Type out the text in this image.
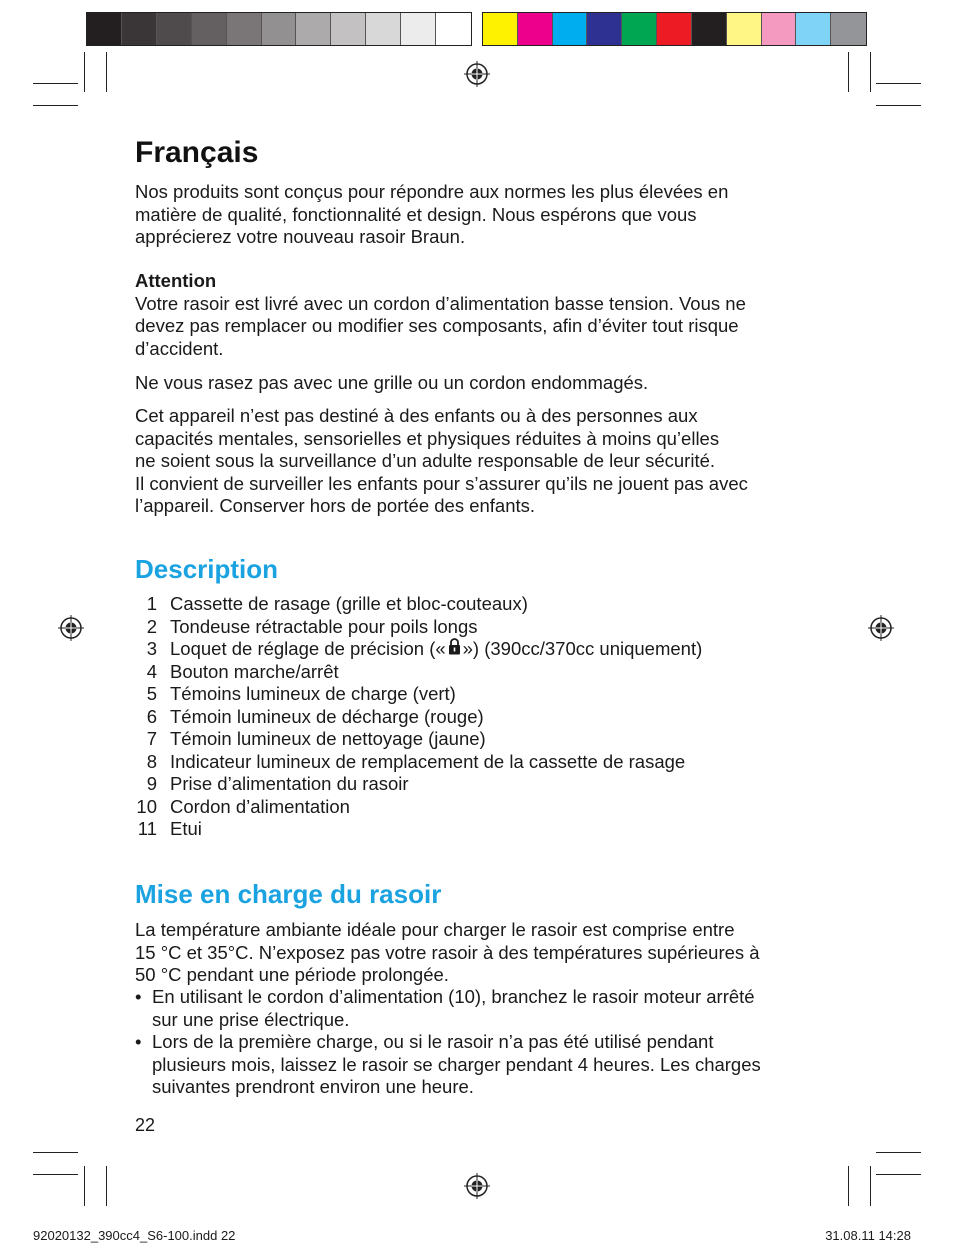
Français

Nos produits sont conçus pour répondre aux normes les plus élevées en
matière de qualité, fonctionnalité et design. Nous espérons que vous
apprécierez votre nouveau rasoir Braun.

Attention
Votre rasoir est livré avec un cordon d’alimentation basse tension. Vous ne
devez pas remplacer ou modifier ses composants, afin d’éviter tout risque
d’accident.

Ne vous rasez pas avec une grille ou un cordon endommagés.

Cet appareil n’est pas destiné à des enfants ou à des personnes aux
capacités mentales, sensorielles et physiques réduites à moins qu’elles
ne soient sous la surveillance d’un adulte responsable de leur sécurité.
Il convient de surveiller les enfants pour s’assurer qu’ils ne jouent pas avec
l’appareil. Conserver hors de portée des enfants.

Description
1 Cassette de rasage (grille et bloc-couteaux)
2 Tondeuse rétractable pour poils longs
3 Loquet de réglage de précision (« ») (390cc/370cc uniquement)
4 Bouton marche/arrêt
5 Témoins lumineux de charge (vert)
6 Témoin lumineux de décharge (rouge)
7 Témoin lumineux de nettoyage (jaune)
8 Indicateur lumineux de remplacement de la cassette de rasage
9 Prise d’alimentation du rasoir
10 Cordon d’alimentation
11 Etui
Mise en charge du rasoir

La température ambiante idéale pour charger le rasoir est comprise entre
15 °C et 35°C. N’exposez pas votre rasoir à des températures supérieures à
50 °C pendant une période prolongée.

• En utilisant le cordon d’alimentation (10), branchez le rasoir moteur arrêté
sur une prise électrique.
• Lors de la première charge, ou si le rasoir n’a pas été utilisé pendant
plusieurs mois, laissez le rasoir se charger pendant 4 heures. Les charges
suivantes prendront environ une heure.
22
92020132_390cc4_S6-100.indd 22	31.08.11 14:28
